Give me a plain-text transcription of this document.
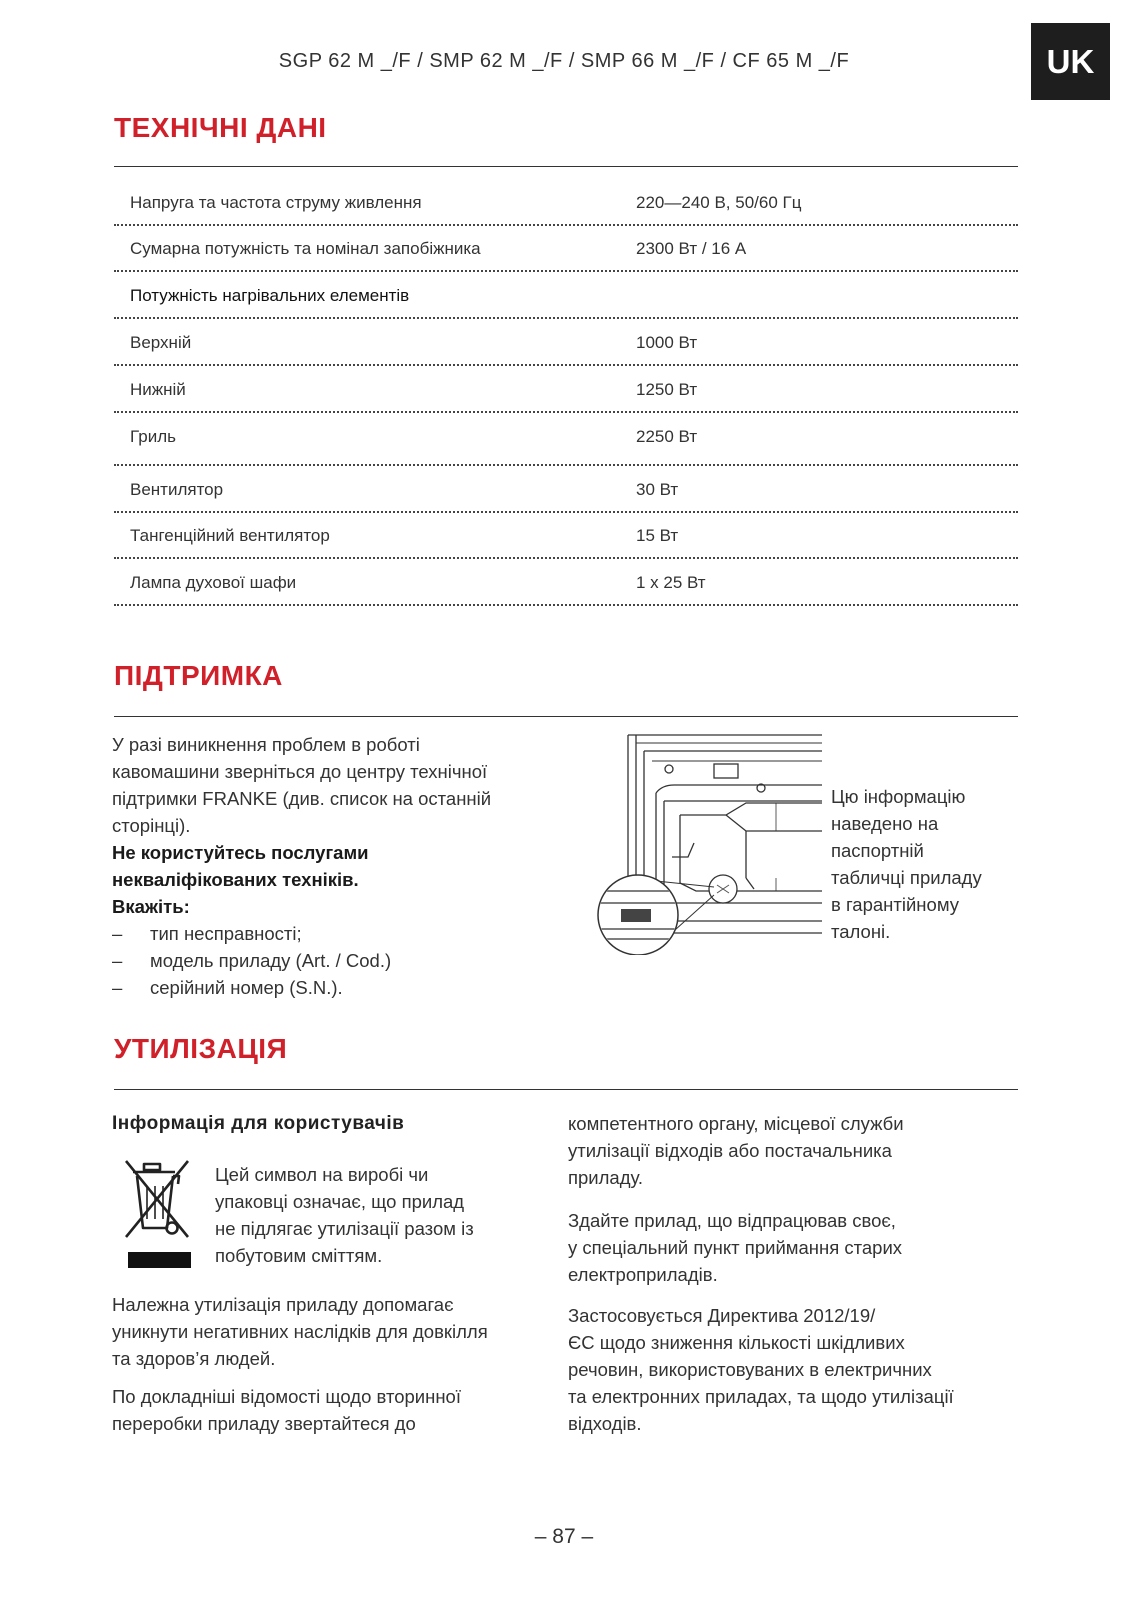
SGP 62 M _/F / SMP 62 M _/F / SMP 66 M _/F / CF 65 M _/F	UK
ТЕХНІЧНІ ДАНІ
Напруга та частота струму живлення	220—240 В, 50/60 Гц
Сумарна потужність та номінал запобіжника	2300 Вт / 16 А
Потужність нагрівальних елементів
Верхній	1000 Вт
Нижній	1250 Вт
Гриль	2250 Вт
Вентилятор	30 Вт
Тангенційний вентилятор	15 Вт
Лампа духової шафи	1 x 25 Вт
ПІДТРИМКА
У разі виникнення проблем в роботі
кавомашини зверніться до центру технічної
підтримки FRANKE (див. список на останній
сторінці).
Не користуйтесь послугами
некваліфікованих техніків.
Вкажіть:
– тип несправності;
– модель приладу (Art. / Cod.)
– серійний номер (S.N.).
Цю інформацію
наведено на
паспортній
табличці приладу
в гарантійному
талоні.
УТИЛІЗАЦІЯ
Інформація для користувачів
Цей символ на виробі чи
упаковці означає, що прилад
не підлягає утилізації разом із
побутовим сміттям.
Належна утилізація приладу допомагає
уникнути негативних наслідків для довкілля
та здоров’я людей.
По докладніші відомості щодо вторинної
переробки приладу звертайтеся до
компетентного органу, місцевої служби
утилізації відходів або постачальника
приладу.
Здайте прилад, що відпрацював своє,
у спеціальний пункт приймання старих
електроприладів.
Застосовується Директива 2012/19/
ЄС щодо зниження кількості шкідливих
речовин, використовуваних в електричних
та електронних приладах, та щодо утилізації
відходів.
– 87 –
